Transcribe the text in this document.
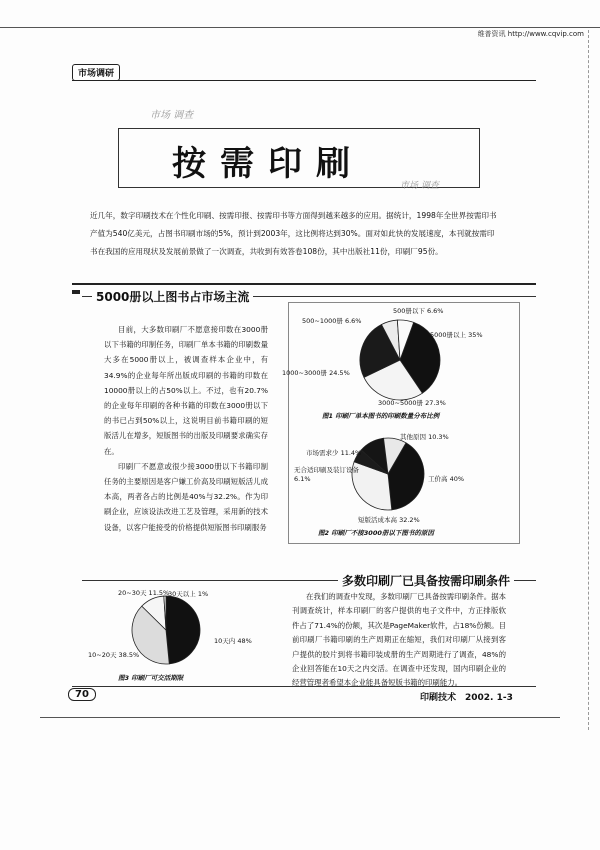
维普资讯 http://www.cqvip.com
市场调研
市场 调查
按需印刷
市场 调查
近几年，数字印刷技术在个性化印刷、按需印报、按需印书等方面得到越来越多的应用。据统计，1998年全世界按需印书产值为540亿美元，占图书印刷市场的5%，预计到2003年，这比例将达到30%。面对如此快的发展速度，本刊就按需印书在我国的应用现状及发展前景做了一次调查，共收到有效答卷108份，其中出版社11份，印刷厂95份。
5000册以上图书占市场主流

目前，大多数印刷厂不愿意接印数在3000册以下书籍的印制任务，印刷厂单本书籍的印刷数量大多在5000册以上，被调查样本企业中，有34.9%的企业每年所出版成印刷的书籍的印数在10000册以上的占50%以上。不过，也有20.7%的企业每年印刷的各种书籍的印数在3000册以下的书已占到50%以上，这说明目前书籍印刷的短版活儿在增多，短版图书的出版及印刷要求确实存在。

印刷厂不愿意或很少接3000册以下书籍印制任务的主要原因是客户嫌工价高及印刷短版活儿成本高，两者各占的比例是40%与32.2%。作为印刷企业，应该设法改进工艺及管理，采用新的技术设备，以客户能接受的价格提供短版图书印刷服务

500册以下 6.6%
500~1000册 6.6%
5000册以上 35%
1000~3000册 24.5%
3000~5000册 27.3%
图1 印刷厂单本图书的印刷数量分布比例
其他原因 10.3%
市场需求少 11.4%
无合适印刷及装订设备 6.1%	工价高 40%
短版活成本高 32.2%
图2 印刷厂不接3000册以下图书的原因
多数印刷厂已具备按需印刷条件

在我们的调查中发现，多数印刷厂已具备按需印刷条件。据本刊调查统计，样本印刷厂的客户提供的电子文件中，方正排版软件占了71.4%的份额，其次是PageMaker软件，占18%份额。目前印刷厂书籍印刷的生产周期正在缩短，我们对印刷厂从接到客户提供的胶片到将书籍印装成册的生产周期进行了调查，48%的企业回答能在10天之内交活。在调查中还发现，国内印刷企业的经营管理者希望本企业能具备短版书籍的印刷能力。

20~30天 11.5%
30天以上 1%
10天内 48%
10~20天 38.5%
图3 印刷厂可交活期限
70	印刷技术　2002. 1-3
